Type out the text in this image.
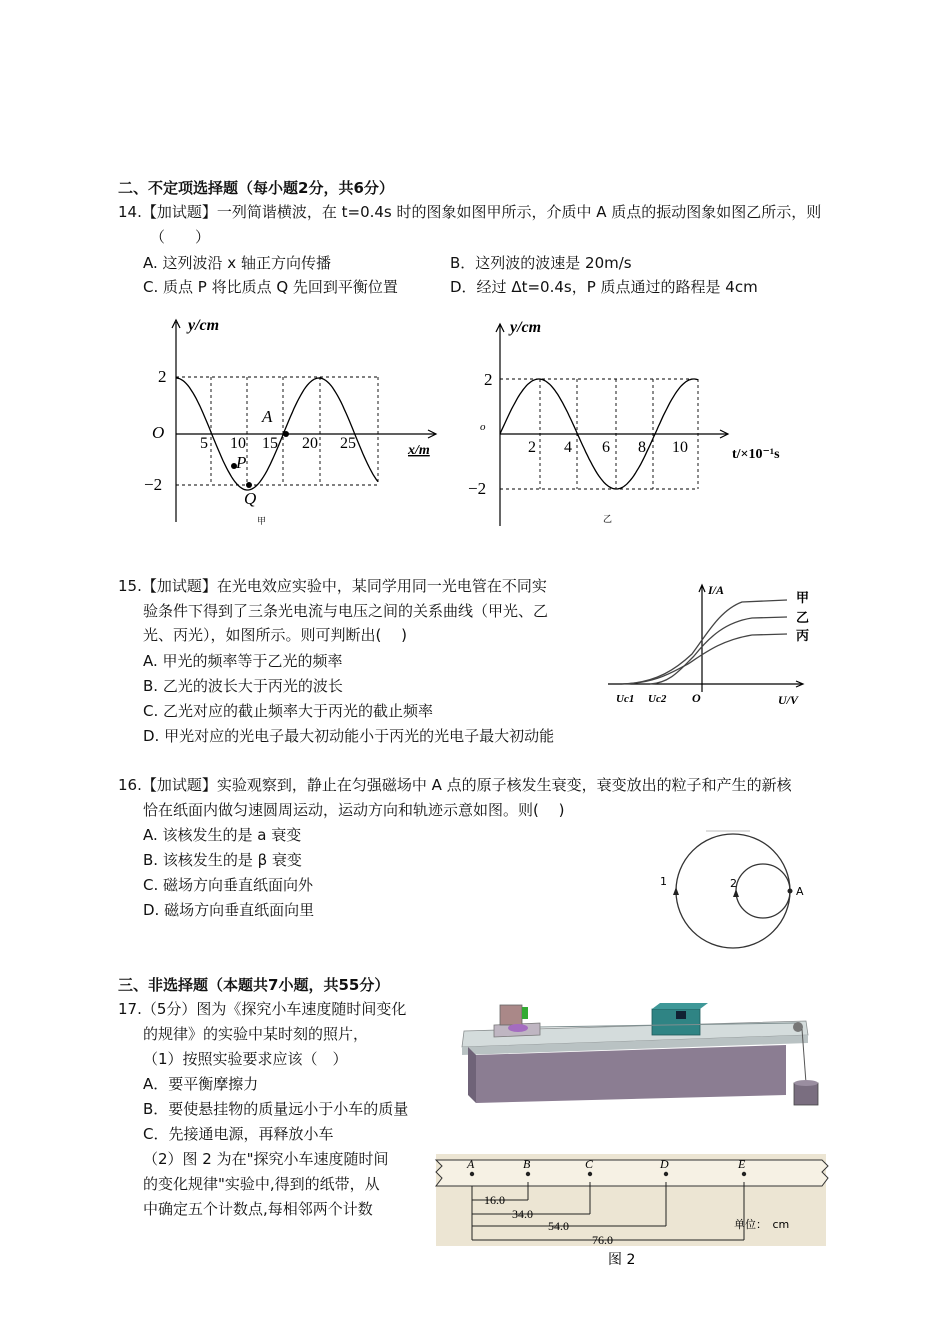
二、不定项选择题（每小题2分，共6分）
14.【加试题】一列简谐横波，在 t=0.4s 时的图象如图甲所示，介质中 A 质点的振动图象如图乙所示，则
（　　）
A. 这列波沿 x 轴正方向传播	B．这列波的波速是 20m/s
C. 质点 P 将比质点 Q 先回到平衡位置	D．经过 Δt=0.4s，P 质点通过的路程是 4cm
y/cm
x/m
2
−2
O
5 10 15 20 25
A
P
Q
甲
y/cm
t/×10⁻¹s
2
−2
o
2 4 6 8 10
乙
15.【加试题】在光电效应实验中，某同学用同一光电管在不同实
验条件下得到了三条光电流与电压之间的关系曲线（甲光、乙
光、丙光），如图所示。则可判断出(　 )
A. 甲光的频率等于乙光的频率
B. 乙光的波长大于丙光的波长
C. 乙光对应的截止频率大于丙光的截止频率
D. 甲光对应的光电子最大初动能小于丙光的光电子最大初动能
I/A
U/V
O
Uc1 Uc2
甲
乙
丙
16.【加试题】实验观察到，静止在匀强磁场中 A 点的原子核发生衰变，衰变放出的粒子和产生的新核
恰在纸面内做匀速圆周运动，运动方向和轨迹示意如图。则(　 )
A. 该核发生的是 a 衰变
B. 该核发生的是 β 衰变
C. 磁场方向垂直纸面向外
D. 磁场方向垂直纸面向里
1	2
A
三、非选择题（本题共7小题，共55分）
17.（5分）图为《探究小车速度随时间变化
的规律》的实验中某时刻的照片，
（1）按照实验要求应该（　）
A．要平衡摩擦力
B．要使悬挂物的质量远小于小车的质量
C．先接通电源，再释放小车
（2）图 2 为在"探究小车速度随时间
的变化规律"实验中,得到的纸带，从
中确定五个计数点,每相邻两个计数
A	B	C	D	E
16.0
34.0
54.0
76.0
单位：　cm
图 2
